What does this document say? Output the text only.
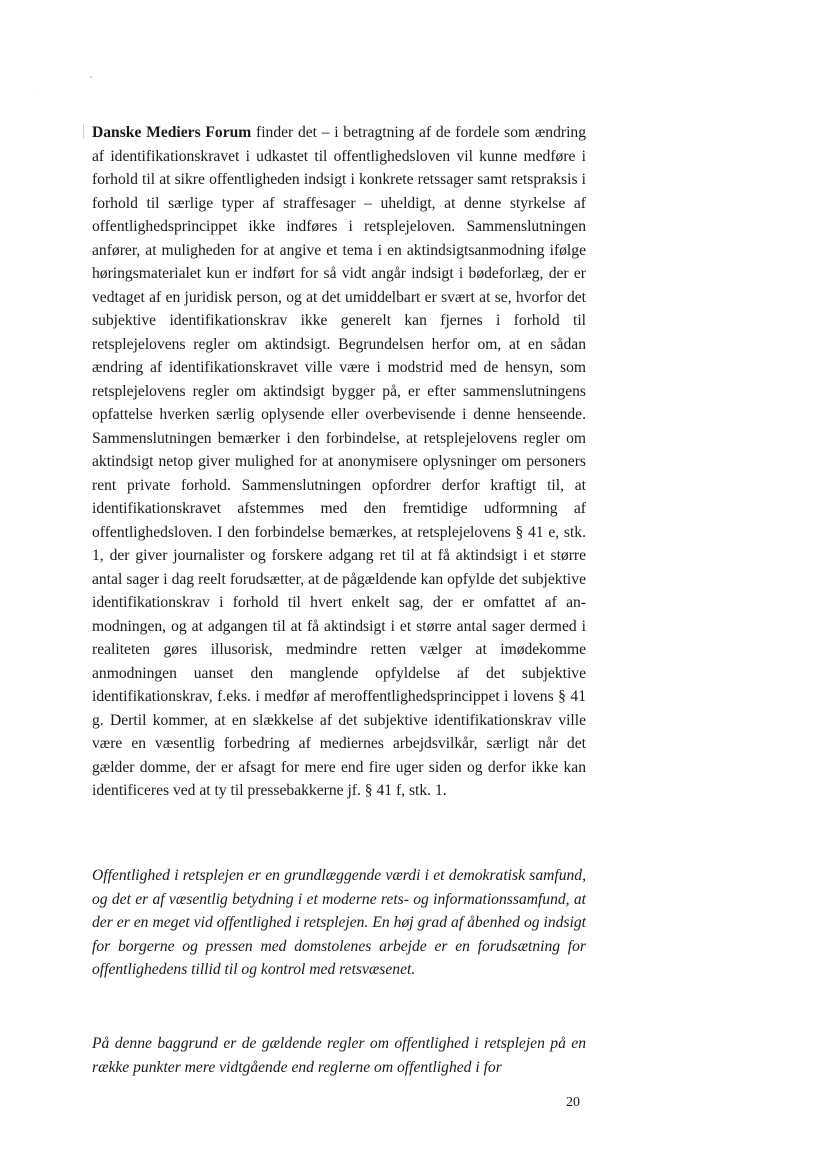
Danske Mediers Forum finder det – i betragtning af de fordele som ændring af identifikationskravet i udkastet til offentlighedsloven vil kunne medføre i forhold til at sikre offentligheden indsigt i konkrete retssager samt retspraksis i forhold til særlige typer af straffesager – uheldigt, at denne styrkelse af offentlighedsprincippet ikke indføres i retsplejeloven. Sammenslutningen anfører, at muligheden for at angive et tema i en aktindsigtsanmodning ifølge høringsmaterialet kun er indført for så vidt angår indsigt i bødeforlæg, der er vedtaget af en juridisk person, og at det umiddelbart er svært at se, hvorfor det subjektive identifikationskrav ikke generelt kan fjernes i forhold til retsplejelovens regler om aktindsigt. Begrundelsen herfor om, at en sådan ændring af identifikationskravet ville være i modstrid med de hensyn, som retsplejelovens regler om aktindsigt bygger på, er efter sammenslutningens opfattelse hverken særlig oplysende eller overbevisende i denne henseende. Sammenslutningen bemærker i den forbindelse, at retsplejelovens regler om aktindsigt netop giver mulighed for at anonymisere oplysninger om personers rent private forhold. Sammenslutningen opfordrer derfor kraftigt til, at identifikationskravet afstemmes med den fremtidige udformning af offentlighedsloven. I den forbindelse bemærkes, at retsplejelovens § 41 e, stk. 1, der giver journalister og forskere adgang ret til at få aktindsigt i et større antal sager i dag reelt forudsætter, at de pågældende kan opfylde det subjektive identifikationskrav i forhold til hvert enkelt sag, der er omfattet af anmodningen, og at adgangen til at få aktindsigt i et større antal sager dermed i realiteten gøres illusorisk, medmindre retten vælger at imødekomme anmodningen uanset den manglende opfyldelse af det subjektive identifikationskrav, f.eks. i medfør af meroffentlighedsprincippet i lovens § 41 g. Dertil kommer, at en slækkelse af det subjektive identifikationskrav ville være en væsentlig forbedring af mediernes arbejdsvilkår, særligt når det gælder domme, der er afsagt for mere end fire uger siden og derfor ikke kan identificeres ved at ty til pressebakkerne jf. § 41 f, stk. 1.

Offentlighed i retsplejen er en grundlæggende værdi i et demokratisk samfund, og det er af væsentlig betydning i et moderne rets- og informationssamfund, at der er en meget vid offentlighed i retsplejen. En høj grad af åbenhed og indsigt for borgerne og pressen med domstolenes arbejde er en forudsætning for offentlighedens tillid til og kontrol med retsvæsenet.

På denne baggrund er de gældende regler om offentlighed i retsplejen på en række punkter mere vidtgående end reglerne om offentlighed i for

20
